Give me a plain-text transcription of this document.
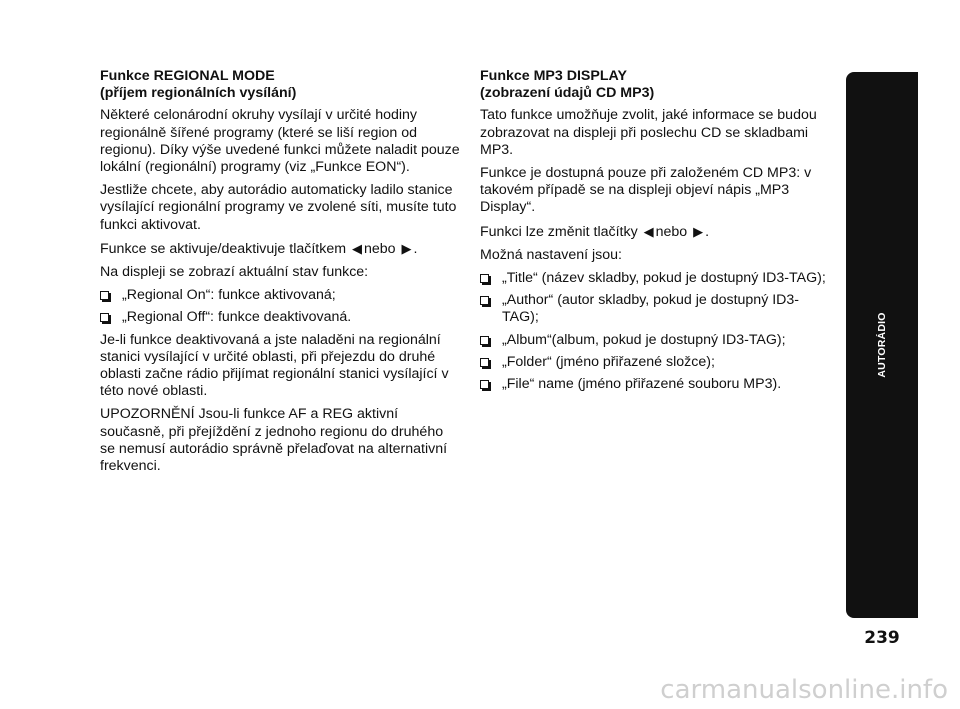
Funkce REGIONAL MODE
(příjem regionálních vysílání)

Některé celonárodní okruhy vysílají v určité hodiny regionálně šířené programy (které se liší region od regionu). Díky výše uvedené funkci můžete naladit pouze lokální (regionální) programy (viz „Funkce EON“).

Jestliže chcete, aby autorádio automaticky ladilo stanice vysílající regionální programy ve zvolené síti, musíte tuto funkci aktivovat.

Funkce se aktivuje/deaktivuje tlačítkem ◀ nebo ▶ .

Na displeji se zobrazí aktuální stav funkce:

„Regional On“: funkce aktivovaná;
„Regional Off“: funkce deaktivovaná.

Je-li funkce deaktivovaná a jste naladěni na regionální stanici vysílající v určité oblasti, při přejezdu do druhé oblasti začne rádio přijímat regionální stanici vysílající v této nové oblasti.

UPOZORNĚNÍ Jsou-li funkce AF a REG aktivní současně, při přejíždění z jednoho regionu do druhého se nemusí autorádio správně přelaďovat na alternativní frekvenci.

Funkce MP3 DISPLAY
(zobrazení údajů CD MP3)

Tato funkce umožňuje zvolit, jaké informace se budou zobrazovat na displeji při poslechu CD se skladbami MP3.

Funkce je dostupná pouze při založeném CD MP3: v takovém případě se na displeji objeví nápis „MP3 Display“.

Funkci lze změnit tlačítky ◀ nebo ▶ .

Možná nastavení jsou:

„Title“ (název skladby, pokud je dostupný ID3-TAG);
„Author“ (autor skladby, pokud je dostupný ID3-TAG);
„Album“(album, pokud je dostupný ID3-TAG);
„Folder“ (jméno přiřazené složce);
„File“ name (jméno přiřazené souboru MP3).
AUTORÁDIO
239
carmanualsonline.info
